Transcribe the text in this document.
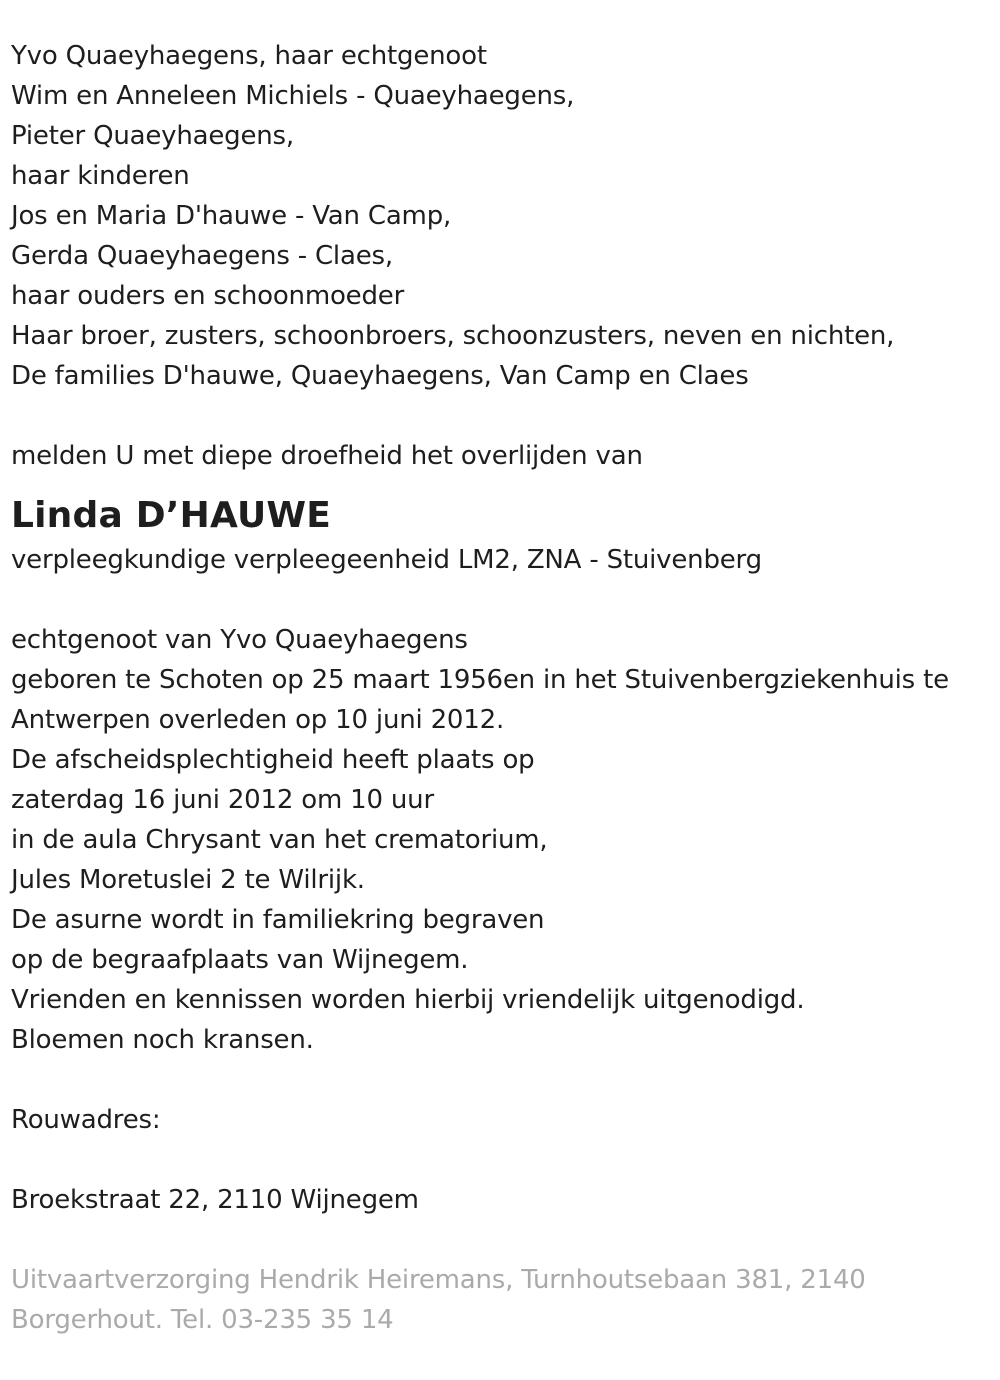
Yvo Quaeyhaegens, haar echtgenoot
Wim en Anneleen Michiels - Quaeyhaegens,
Pieter Quaeyhaegens,
haar kinderen
Jos en Maria D'hauwe - Van Camp,
Gerda Quaeyhaegens - Claes,
haar ouders en schoonmoeder
Haar broer, zusters, schoonbroers, schoonzusters, neven en nichten,
De families D'hauwe, Quaeyhaegens, Van Camp en Claes
melden U met diepe droefheid het overlijden van
Linda D’HAUWE
verpleegkundige verpleegeenheid LM2, ZNA - Stuivenberg
echtgenoot van Yvo Quaeyhaegens
geboren te Schoten op 25 maart 1956en in het Stuivenbergziekenhuis te
Antwerpen overleden op 10 juni 2012.
De afscheidsplechtigheid heeft plaats op
zaterdag 16 juni 2012 om 10 uur
in de aula Chrysant van het crematorium,
Jules Moretuslei 2 te Wilrijk.
De asurne wordt in familiekring begraven
op de begraafplaats van Wijnegem.
Vrienden en kennissen worden hierbij vriendelijk uitgenodigd.
Bloemen noch kransen.
Rouwadres:
Broekstraat 22, 2110 Wijnegem
Uitvaartverzorging Hendrik Heiremans, Turnhoutsebaan 381, 2140
Borgerhout. Tel. 03-235 35 14
